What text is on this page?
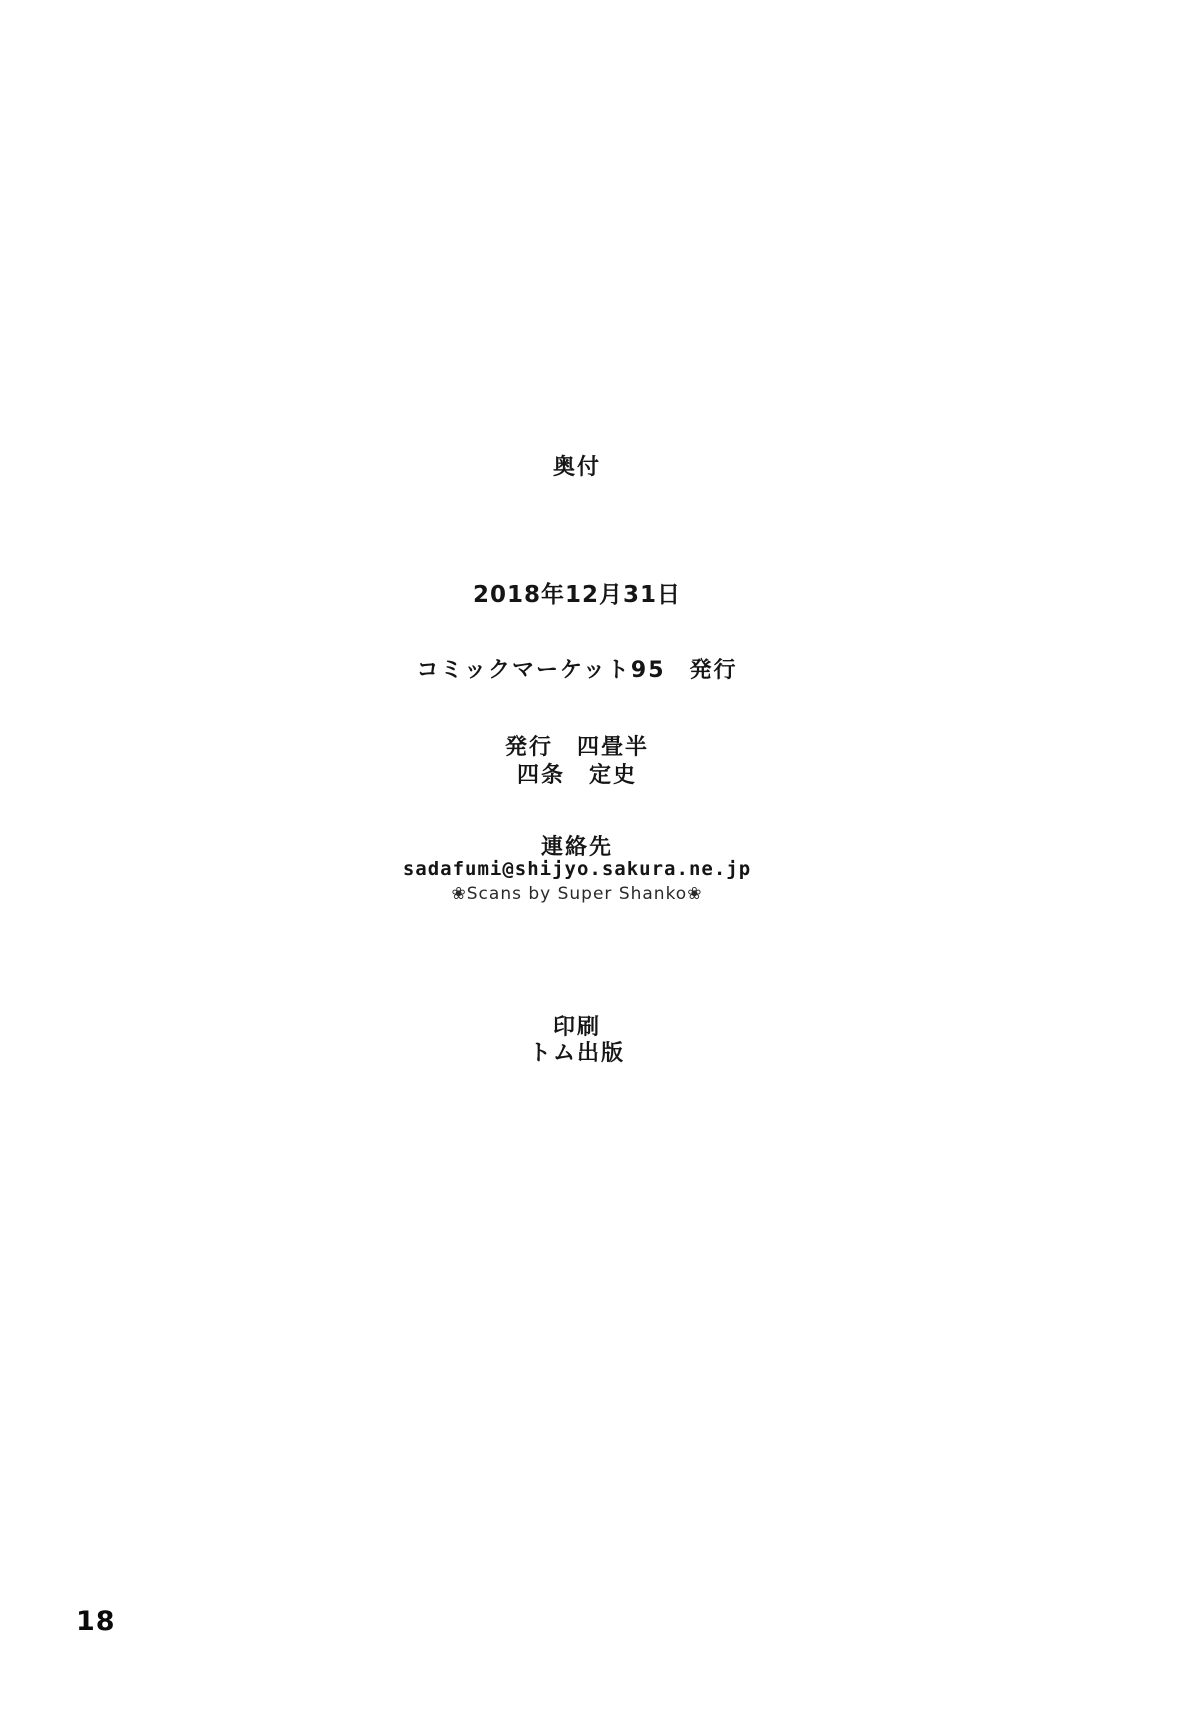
奥付
2018年12月31日
コミックマーケット95　発行
発行　四畳半
四条　定史
連絡先
sadafumi@shijyo.sakura.ne.jp
❀Scans by Super Shanko❀
印刷
トム出版
18
